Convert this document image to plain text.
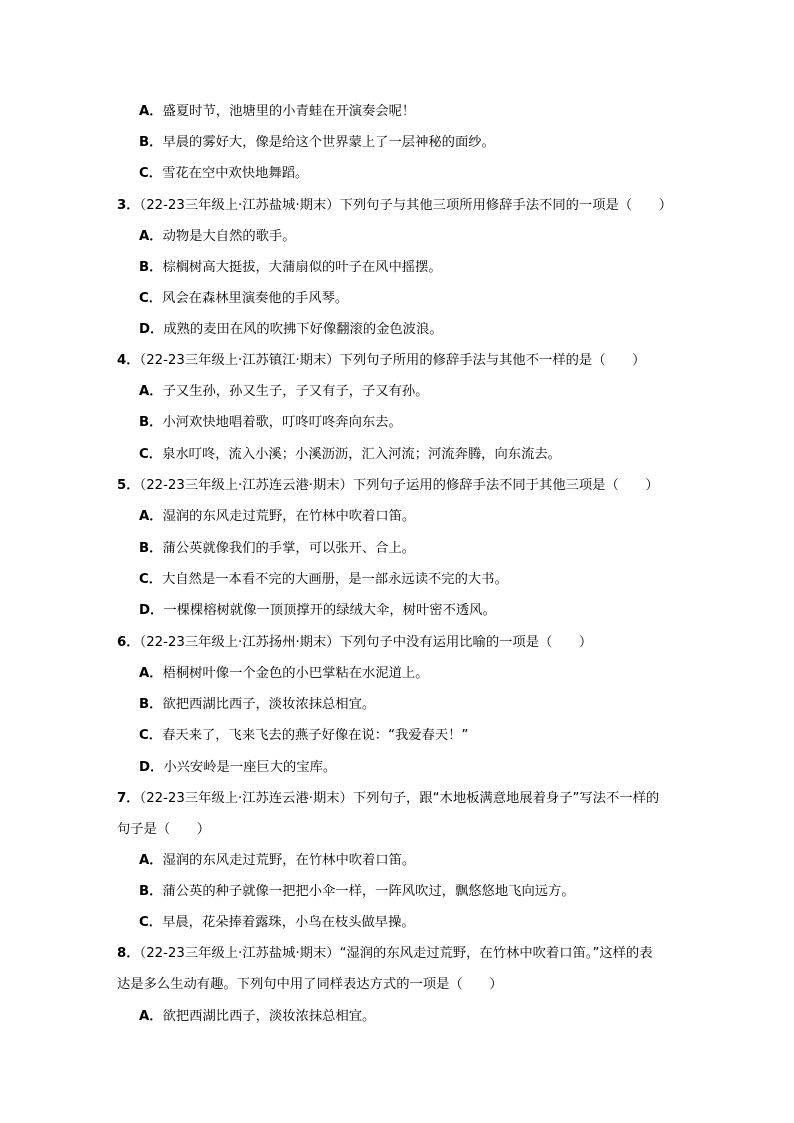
A．盛夏时节，池塘里的小青蛙在开演奏会呢！
B．早晨的雾好大，像是给这个世界蒙上了一层神秘的面纱。
C．雪花在空中欢快地舞蹈。
3．（22-23三年级上·江苏盐城·期末）下列句子与其他三项所用修辞手法不同的一项是（　　）
A．动物是大自然的歌手。
B．棕榈树高大挺拔，大蒲扇似的叶子在风中摇摆。
C．风会在森林里演奏他的手风琴。
D．成熟的麦田在风的吹拂下好像翻滚的金色波浪。
4．（22-23三年级上·江苏镇江·期末）下列句子所用的修辞手法与其他不一样的是（　　）
A．子又生孙，孙又生子，子又有子，子又有孙。
B．小河欢快地唱着歌，叮咚叮咚奔向东去。
C．泉水叮咚，流入小溪；小溪沥沥，汇入河流；河流奔腾，向东流去。
5．（22-23三年级上·江苏连云港·期末）下列句子运用的修辞手法不同于其他三项是（　　）
A．湿润的东风走过荒野，在竹林中吹着口笛。
B．蒲公英就像我们的手掌，可以张开、合上。
C．大自然是一本看不完的大画册，是一部永远读不完的大书。
D．一棵棵榕树就像一顶顶撑开的绿绒大伞，树叶密不透风。
6．（22-23三年级上·江苏扬州·期末）下列句子中没有运用比喻的一项是（　　）
A．梧桐树叶像一个金色的小巴掌粘在水泥道上。
B．欲把西湖比西子，淡妆浓抹总相宜。
C．春天来了，飞来飞去的燕子好像在说：“我爱春天！”
D．小兴安岭是一座巨大的宝库。
7．（22-23三年级上·江苏连云港·期末）下列句子，跟“木地板满意地展着身子”写法不一样的
句子是（　　）
A．湿润的东风走过荒野，在竹林中吹着口笛。
B．蒲公英的种子就像一把把小伞一样，一阵风吹过，飘悠悠地飞向远方。
C．早晨，花朵捧着露珠，小鸟在枝头做早操。
8．（22-23三年级上·江苏盐城·期末）“湿润的东风走过荒野，在竹林中吹着口笛。”这样的表
达是多么生动有趣。下列句中用了同样表达方式的一项是（　　）
A．欲把西湖比西子，淡妆浓抹总相宜。
